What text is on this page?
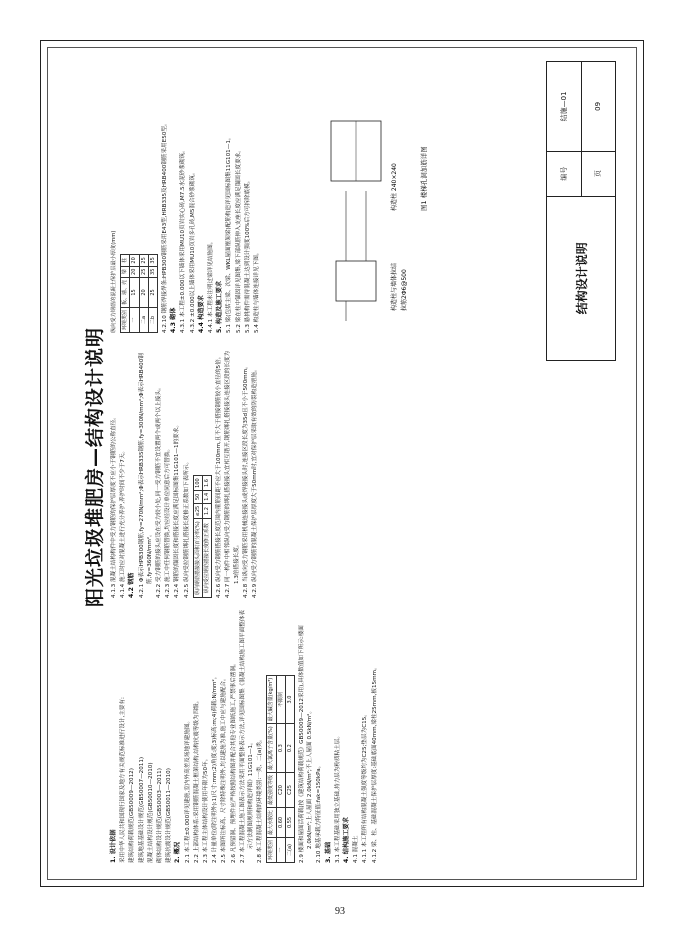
阳光垃圾堆肥房—结构设计说明

1. 设计依据 采用中华人民共和国现行国家及地方有关规范标准进行设计,主要有: 建筑结构荷载规范(GB50009—2012) 建筑地基基础设计规范(GB50007—2011) 混凝土结构设计规范(GB50010—2010) 砌体结构设计规范(GB50003—2011) 建筑抗震设计规范(GB50011—2010) 2. 概况 2.1 本工程±0.000详见建施,室内外高差及场地详建施图。 2.2 上部结构体系:采用钢筋混凝土框架结构,结构抗震等级为四级。 2.3 本工程主体结构设计使用年限为50年。 2.4 计量单位(除注明外):1)尺寸:mm;2)角度:度;3)标高:m;4)荷载:N/mm²。 2.5 本图所注标高、尺寸除特殊注明外,均以建施为准,施工中应与建施配合。 2.6 凡预留洞、预埋件应严格按照结构图并配合其他专业图纸施工,严禁事后凿洞。 2.7 本工程混凝土施工图表示方法采用平面整体表示方法,详见国标图集《混凝土结构施工图平面整体表示方法制图规则和构造详图》11G101—1。 2.8 本工程混凝土结构的环境类别:一类、二(a)类。 环境类别	最大水胶比	最低强度等级	最大氯离子含量(%)	最大碱含量(kg/m³)
一	0.60	C20	0.3	不限制
二(a)	0.55	C25	0.2	3.0 2.9 楼面和屋面活荷载(按《建筑结构荷载规范》GB50009—2012采用),具体数值如下所示:楼面 2.0kN/m²;上人屋面 2.0kN/m²;不上人屋面 0.5kN/m²。 2.10 地基承载力特征值:fak=150kPa。 3. 基础 3.1 本工程基础采用独立基础,持力层为粉质粘土层。 4. 结构施工要求 4.1 混凝土 4.1.1 本工程所有结构混凝土强度等级均为C25;垫层为C15。 4.1.2 梁、柱、基础混凝土保护层厚度:基础底面40mm,梁柱25mm,板15mm。

4.1.3 混凝土结构构件中受力钢筋的保护层厚度不应小于钢筋的公称直径。 4.1.4 施工时应对混凝土进行充分养护,养护时间不少于7天。 4.2 钢筋 4.2.1 Φ表示HPB300钢筋,fy=270N/mm²;Φ表示HRB335钢筋,fy=300N/mm²;Φ表示HRB400钢筋,fy=360N/mm²。 4.2.2 受力钢筋的接头应设在受力较小处,同一受力钢筋不宜设置两个或两个以上接头。 4.2.3 施工中任何钢筋替换,均应经设计单位同意后方可替换。 4.2.4 钢筋的锚固长度和搭接长度应满足国标图集11G101—1的要求。 4.2.5 纵向受拉钢筋绑扎搭接长度修正系数如下表所示。 纵向钢筋搭接接头面积百分率(%)	≤25	50	100
纵向受拉钢筋搭接长度修正系数	1.2	1.4	1.6 4.2.6 纵向受力钢筋搭接长度范围内箍筋间距不应大于100mm,且不大于搭接钢筋较小直径的5倍。 4.2.7 同一构件中相邻纵向受力钢筋的绑扎搭接接头宜相互错开,钢筋绑扎搭接接头连接区段的长度为1.3倍搭接长度。 4.2.8 当纵向受力钢筋采用机械连接接头或焊接接头时,连接区段长度为35d且不小于500mm。 4.2.9 纵向受力钢筋的混凝土保护层厚度大于50mm时,宜对保护层采取有效的防裂构造措施。

纵向受力钢筋的混凝土保护层最小厚度(mm) 环境类别	板、墙、壳	梁	柱
一	15	20	20
二a	20	25	25
二b	25	35	35 4.2.10 钢筋焊接焊条:HPB300钢筋采用E43型,HRB335及HRB400钢筋采用E50型。 4.3 砌体 4.3.1 本工程±0.000以下墙体采用MU10页岩实心砖,M7.5水泥砂浆砌筑。 4.3.2 ±0.000以上墙体采用MU10页岩多孔砖,M5混合砂浆砌筑。 4.4 构造要求 4.4.1 本工程未注明过梁详见结施图。 5. 构造及施工要求 5.1 梁(包括主梁、次梁、WKL屋面框架梁)配筋构造详见国标图集11G101—1。 5.2 梁在柱中锚固详见图集,梁下部纵筋伸入支座长度应满足锚固长度要求。 5.3 悬挑构件需待混凝土达到设计强度100%后方可拆除底模。 5.4 构造柱与墙体连接详见下图。	构造柱与墙体拉结 拉筋2Φ6@500
构造柱 240×240	图1 楼梯孔洞加筋详图
结构设计说明	编号	结施—01
	页	09
93
